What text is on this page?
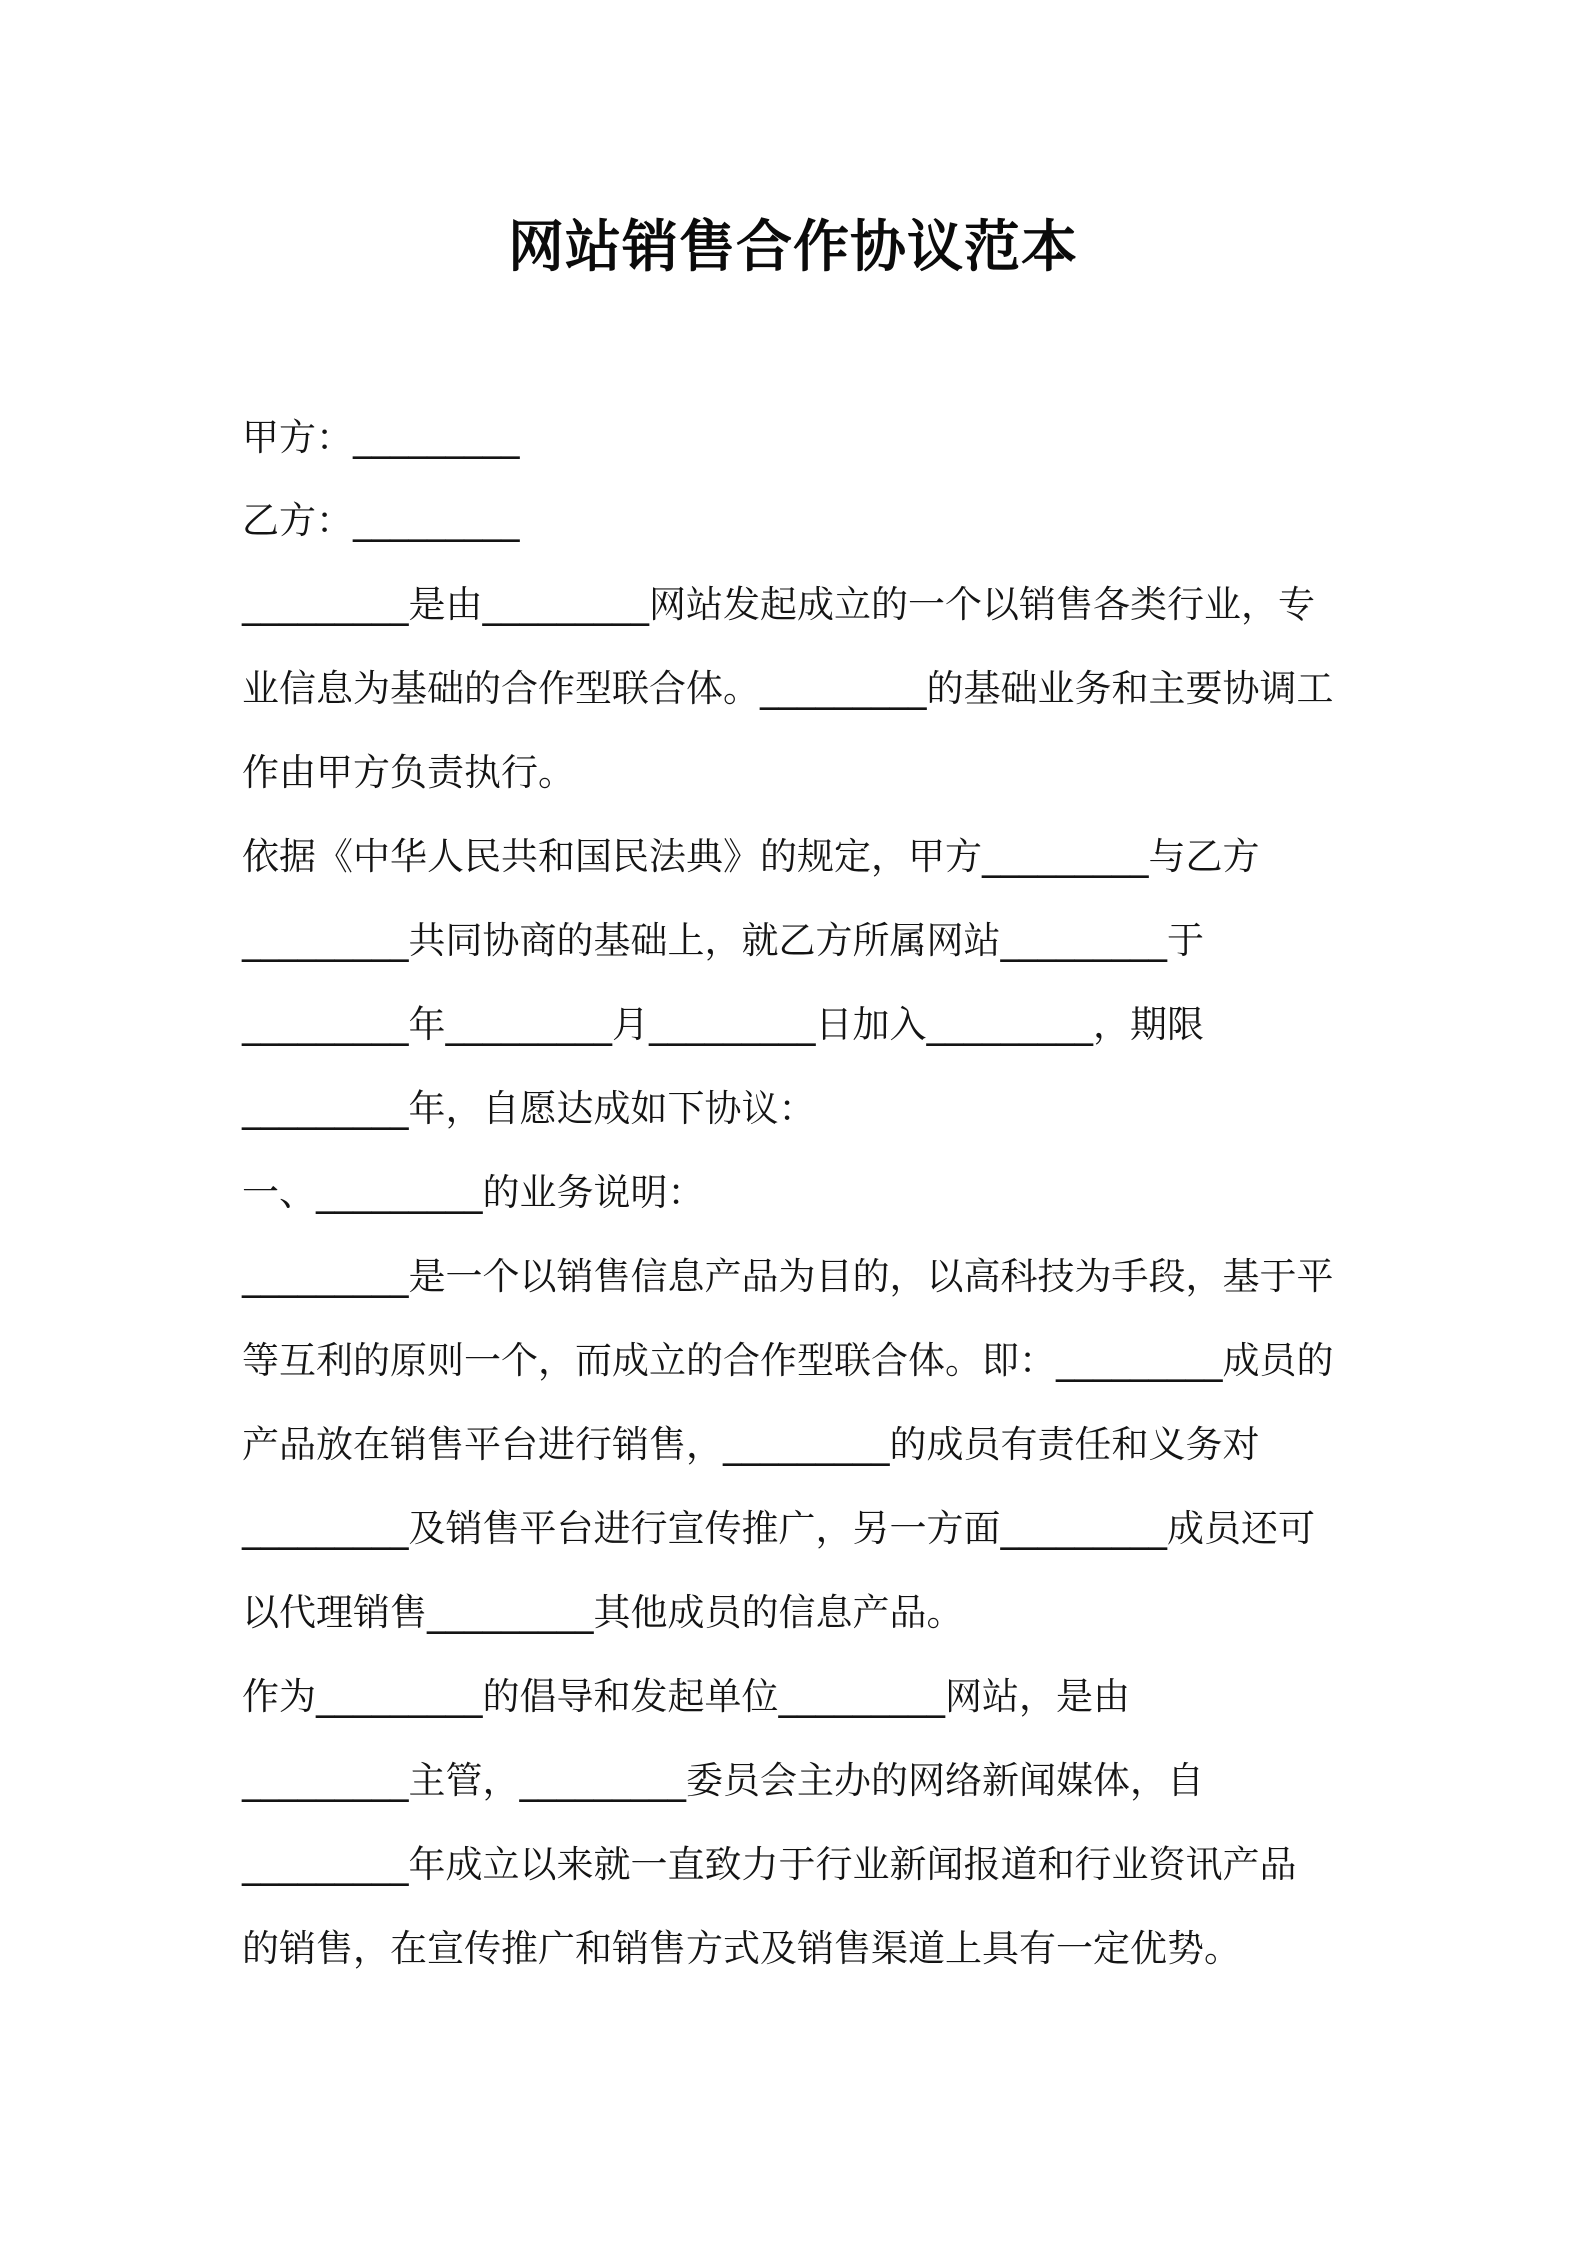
网站销售合作协议范本
甲方：_________
乙方：_________
_________是由_________网站发起成立的一个以销售各类行业，专
业信息为基础的合作型联合体。_________的基础业务和主要协调工
作由甲方负责执行。
依据《中华人民共和国民法典》的规定，甲方_________与乙方
_________共同协商的基础上，就乙方所属网站_________于
_________年_________月_________日加入_________，期限
_________年，自愿达成如下协议：
一、_________的业务说明：
_________是一个以销售信息产品为目的，以高科技为手段，基于平
等互利的原则一个，而成立的合作型联合体。即：_________成员的
产品放在销售平台进行销售，_________的成员有责任和义务对
_________及销售平台进行宣传推广，另一方面_________成员还可
以代理销售_________其他成员的信息产品。
作为_________的倡导和发起单位_________网站，是由
_________主管，_________委员会主办的网络新闻媒体，自
_________年成立以来就一直致力于行业新闻报道和行业资讯产品
的销售，在宣传推广和销售方式及销售渠道上具有一定优势。
